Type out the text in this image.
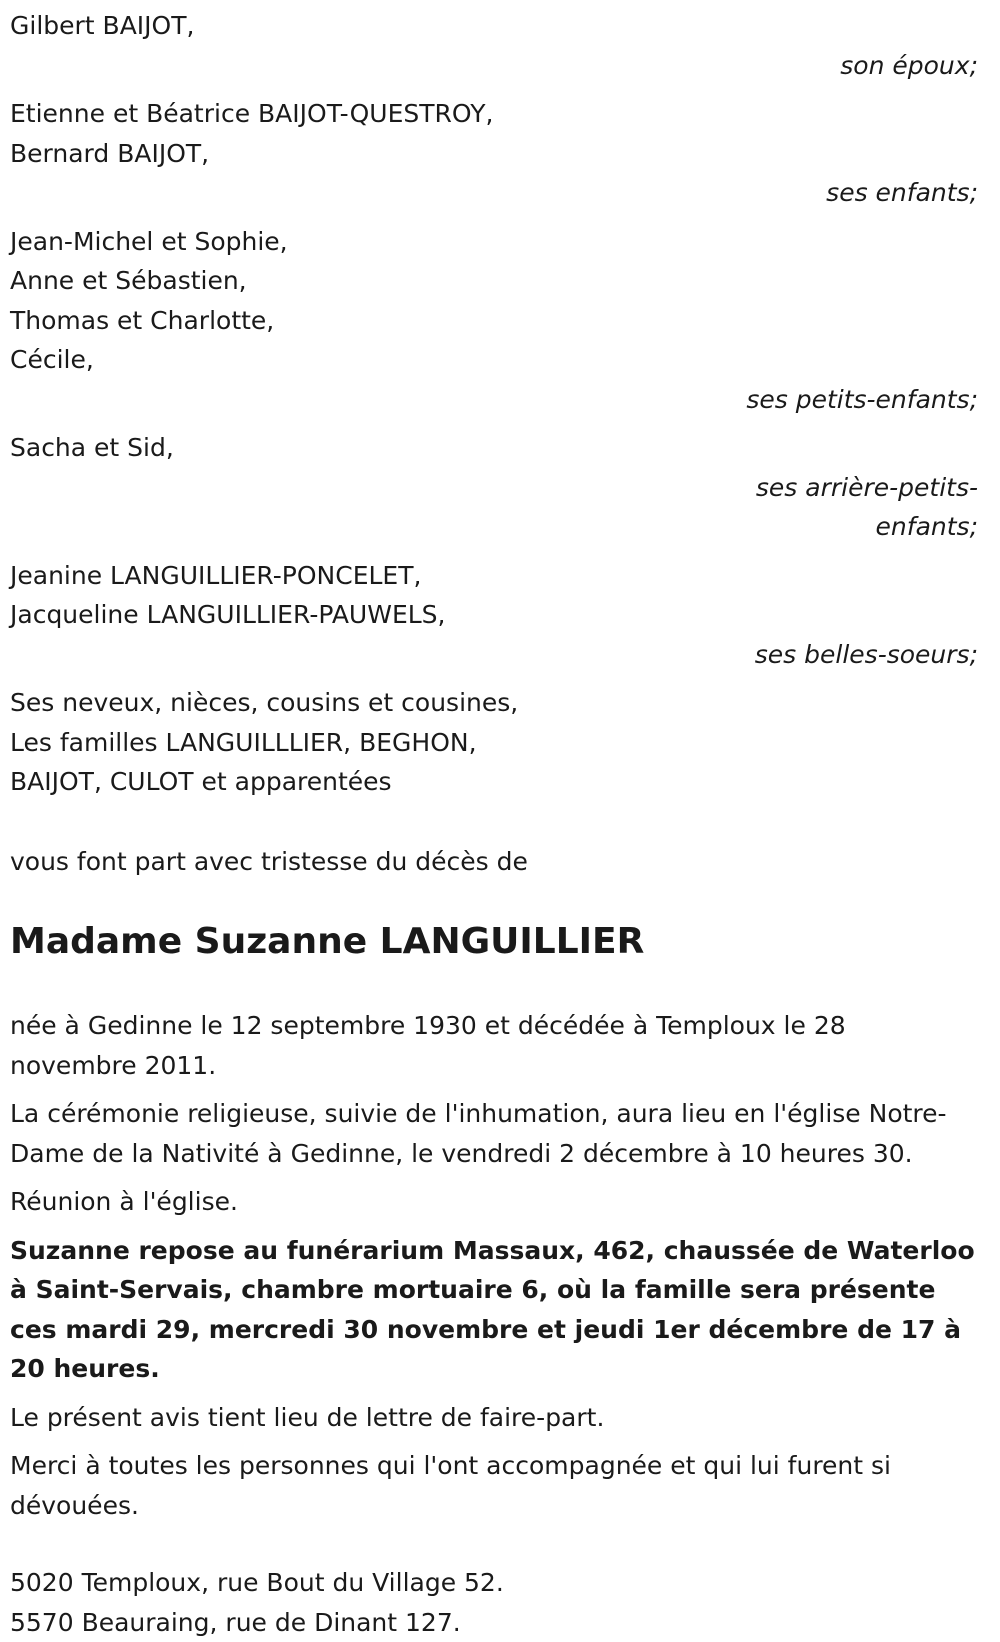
Gilbert BAIJOT,
son époux;
Etienne et Béatrice BAIJOT-QUESTROY,
Bernard BAIJOT,
ses enfants;
Jean-Michel et Sophie,
Anne et Sébastien,
Thomas et Charlotte,
Cécile,
ses petits-enfants;
Sacha et Sid,
ses arrière-petits-enfants;
Jeanine LANGUILLIER-PONCELET,
Jacqueline LANGUILLIER-PAUWELS,
ses belles-soeurs;
Ses neveux, nièces, cousins et cousines,
Les familles LANGUILLLIER, BEGHON,
BAIJOT, CULOT et apparentées
vous font part avec tristesse du décès de
Madame Suzanne LANGUILLIER

née à Gedinne le 12 septembre 1930 et décédée à Temploux le 28 novembre 2011.

La cérémonie religieuse, suivie de l'inhumation, aura lieu en l'église Notre-Dame de la Nativité à Gedinne, le vendredi 2 décembre à 10 heures 30.

Réunion à l'église.

Suzanne repose au funérarium Massaux, 462, chaussée de Waterloo à Saint-Servais, chambre mortuaire 6, où la famille sera présente ces mardi 29, mercredi 30 novembre et jeudi 1er décembre de 17 à 20 heures.

Le présent avis tient lieu de lettre de faire-part.

Merci à toutes les personnes qui l'ont accompagnée et qui lui furent si dévouées.

5020 Temploux, rue Bout du Village 52.
5570 Beauraing, rue de Dinant 127.
